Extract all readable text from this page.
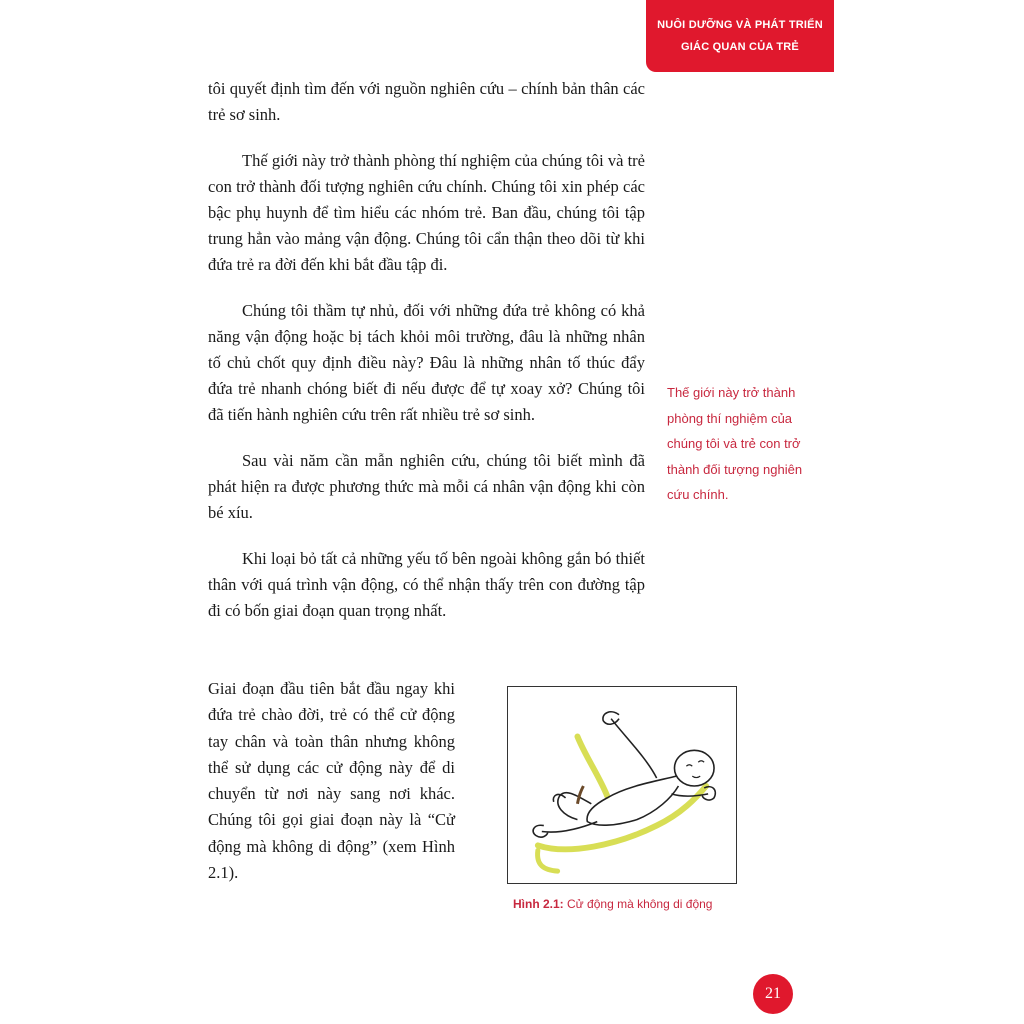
NUÔI DƯỠNG VÀ PHÁT TRIỂN
GIÁC QUAN CỦA TRẺ

tôi quyết định tìm đến với nguồn nghiên cứu – chính bản thân các trẻ sơ sinh.

Thế giới này trở thành phòng thí nghiệm của chúng tôi và trẻ con trở thành đối tượng nghiên cứu chính. Chúng tôi xin phép các bậc phụ huynh để tìm hiểu các nhóm trẻ. Ban đầu, chúng tôi tập trung hẳn vào mảng vận động. Chúng tôi cẩn thận theo dõi từ khi đứa trẻ ra đời đến khi bắt đầu tập đi.

Chúng tôi thầm tự nhủ, đối với những đứa trẻ không có khả năng vận động hoặc bị tách khỏi môi trường, đâu là những nhân tố chủ chốt quy định điều này? Đâu là những nhân tố thúc đẩy đứa trẻ nhanh chóng biết đi nếu được để tự xoay xở? Chúng tôi đã tiến hành nghiên cứu trên rất nhiều trẻ sơ sinh.

Sau vài năm cần mẫn nghiên cứu, chúng tôi biết mình đã phát hiện ra được phương thức mà mỗi cá nhân vận động khi còn bé xíu.

Khi loại bỏ tất cả những yếu tố bên ngoài không gắn bó thiết thân với quá trình vận động, có thể nhận thấy trên con đường tập đi có bốn giai đoạn quan trọng nhất.

Thế giới này trở thành phòng thí nghiệm của chúng tôi và trẻ con trở thành đối tượng nghiên cứu chính.

Giai đoạn đầu tiên bắt đầu ngay khi đứa trẻ chào đời, trẻ có thể cử động tay chân và toàn thân nhưng không thể sử dụng các cử động này để di chuyển từ nơi này sang nơi khác. Chúng tôi gọi giai đoạn này là “Cử động mà không di động” (xem Hình 2.1).

Hình 2.1: Cử động mà không di động
21
